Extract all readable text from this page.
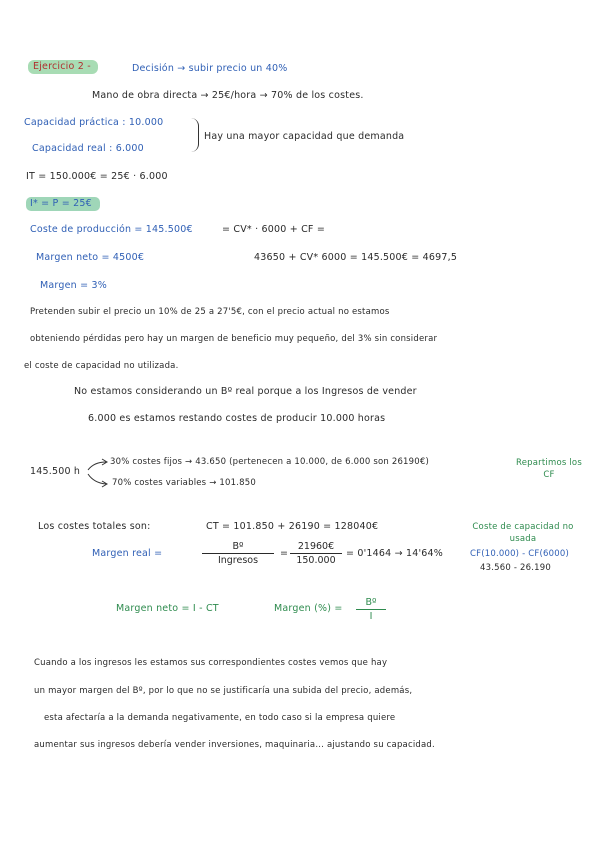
Ejercicio 2 -	Decisión → subir precio un 40%
Mano de obra directa → 25€/hora → 70% de los costes.
Capacidad práctica : 10.000
Capacidad real : 6.000
Hay una mayor capacidad que demanda
IT = 150.000€ = 25€ · 6.000
I* = P = 25€
Coste de producción = 145.500€	= CV* · 6000 + CF =
Margen neto = 4500€	43650 + CV* 6000 = 145.500€ = 4697,5
Margen = 3%
Pretenden subir el precio un 10% de 25 a 27'5€, con el precio actual no estamos
obteniendo pérdidas pero hay un margen de beneficio muy pequeño, del 3% sin considerar
el coste de capacidad no utilizada.
No estamos considerando un Bº real porque a los Ingresos de vender
6.000 es estamos restando costes de producir 10.000 horas
145.500 h
30% costes fijos → 43.650 (pertenecen a 10.000, de 6.000 son 26190€)
70% costes variables → 101.850
Repartimos los CF
Los costes totales son:	CT = 101.850 + 26190 = 128040€	Coste de capacidad no usada
CF(10.000) - CF(6000)
43.560 - 26.190
Margen real =
Bº
Ingresos
=
21960€
150.000
= 0'1464 → 14'64%
Margen neto = I - CT	Margen (%) =
Bº
I
Cuando a los ingresos les estamos sus correspondientes costes vemos que hay
un mayor margen del Bº, por lo que no se justificaría una subida del precio, además,
esta afectaría a la demanda negativamente, en todo caso si la empresa quiere
aumentar sus ingresos debería vender inversiones, maquinaria... ajustando su capacidad.
